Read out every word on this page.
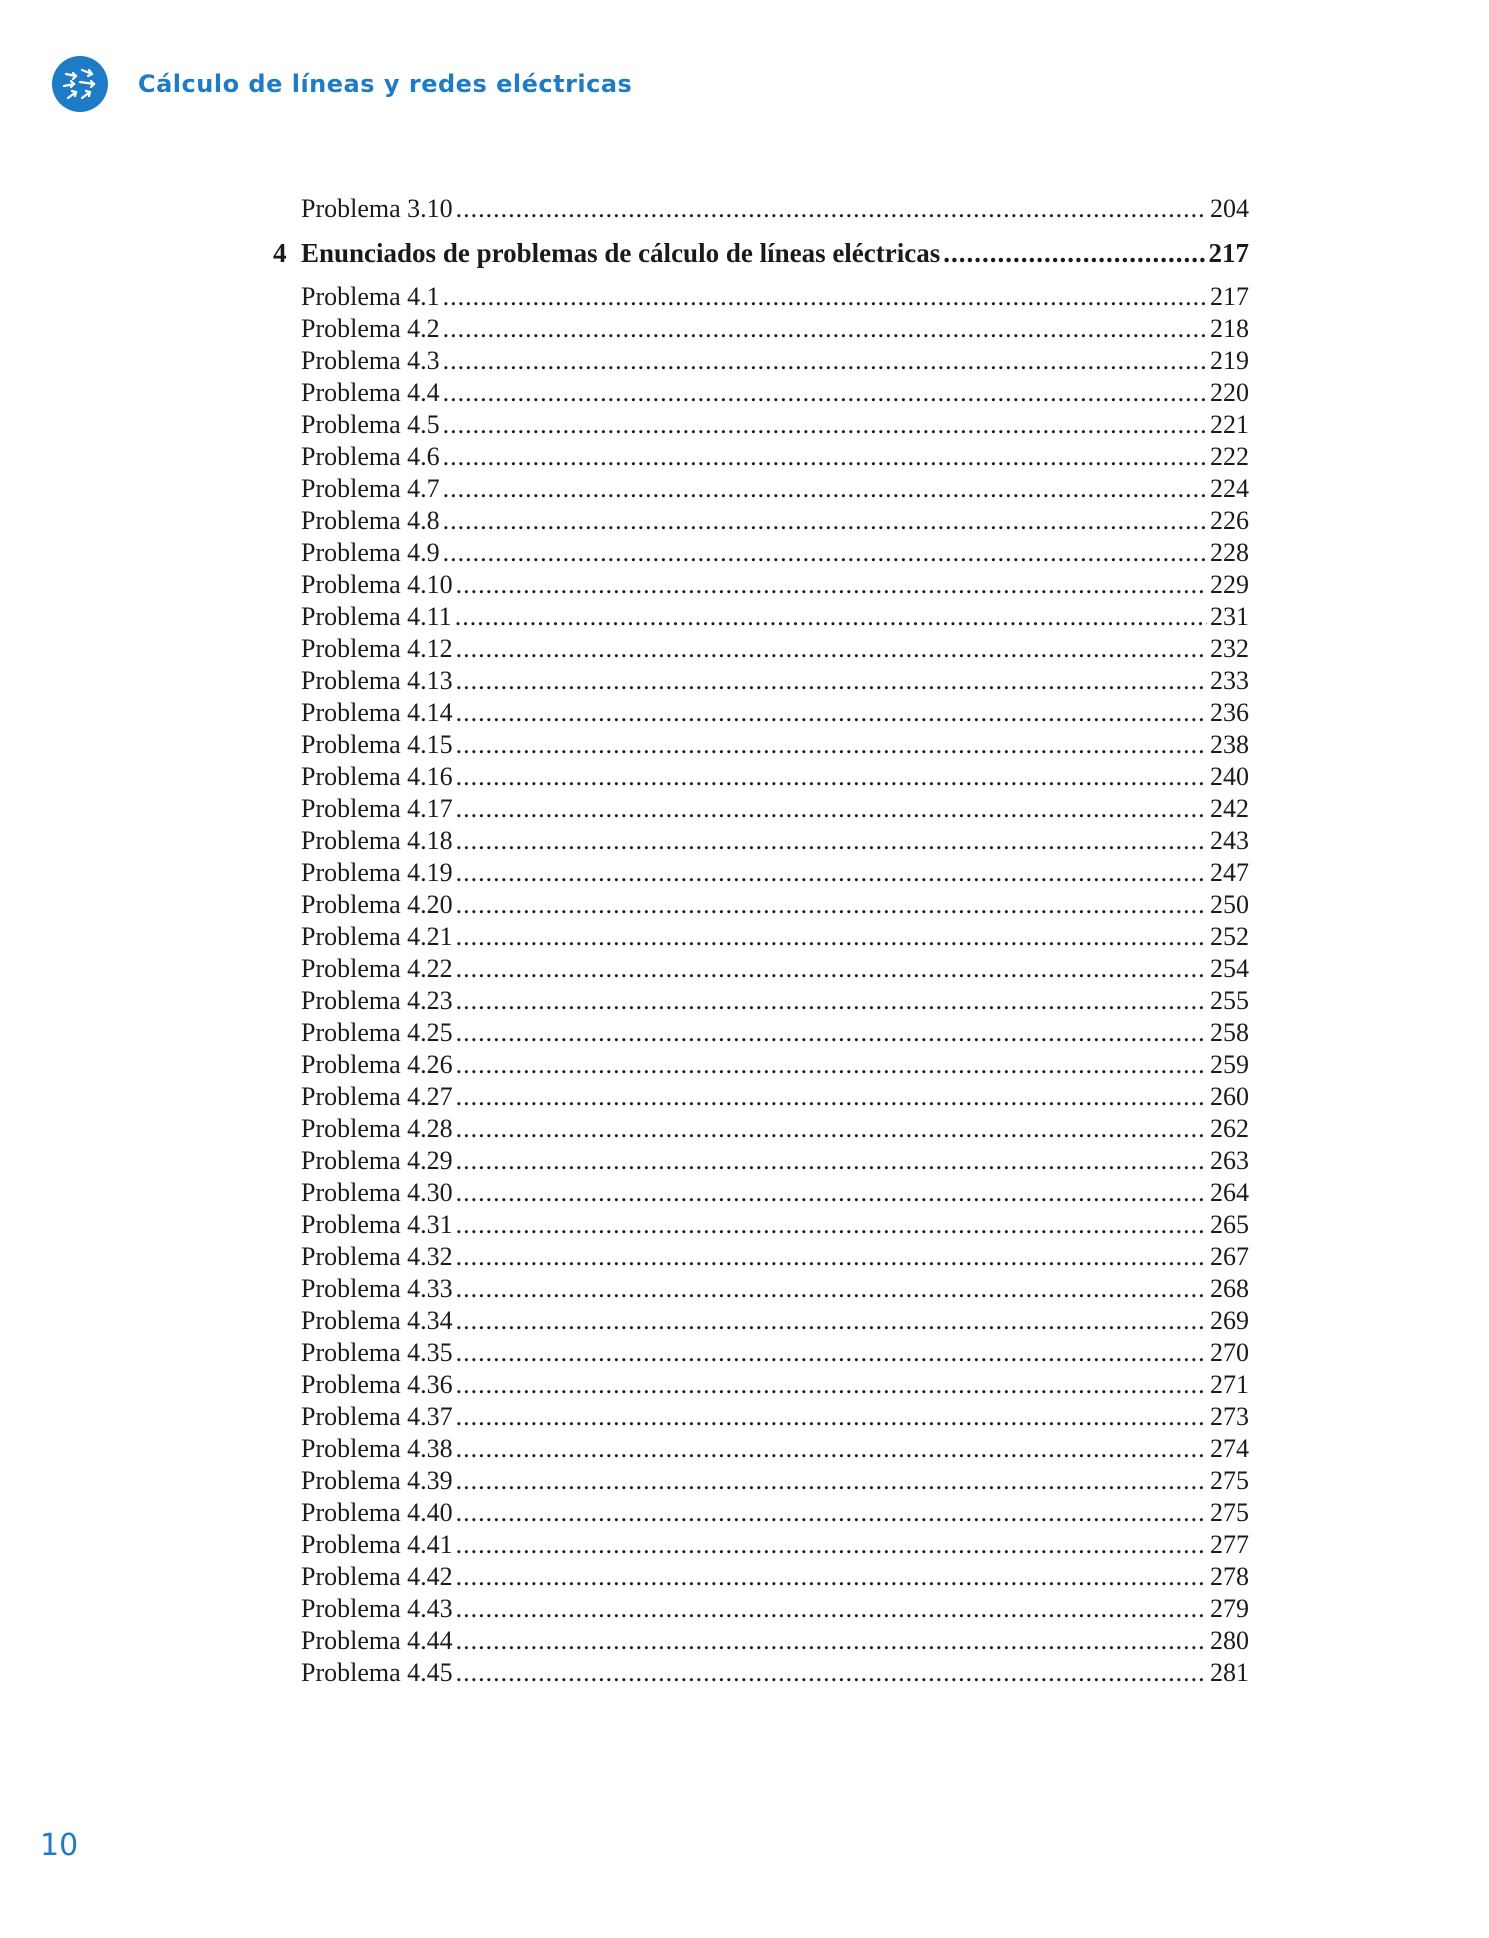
Cálculo de líneas y redes eléctricas
Problema 3.10 .....	204
4 Enunciados de problemas de cálculo de líneas eléctricas .....	217
Problema 4.1 .....	217
Problema 4.2 .....	218
Problema 4.3 .....	219
Problema 4.4 .....	220
Problema 4.5 .....	221
Problema 4.6 .....	222
Problema 4.7 .....	224
Problema 4.8 .....	226
Problema 4.9 .....	228
Problema 4.10 .....	229
Problema 4.11 .....	231
Problema 4.12 .....	232
Problema 4.13 .....	233
Problema 4.14 .....	236
Problema 4.15 .....	238
Problema 4.16 .....	240
Problema 4.17 .....	242
Problema 4.18 .....	243
Problema 4.19 .....	247
Problema 4.20 .....	250
Problema 4.21 .....	252
Problema 4.22 .....	254
Problema 4.23 .....	255
Problema 4.25 .....	258
Problema 4.26 .....	259
Problema 4.27 .....	260
Problema 4.28 .....	262
Problema 4.29 .....	263
Problema 4.30 .....	264
Problema 4.31 .....	265
Problema 4.32 .....	267
Problema 4.33 .....	268
Problema 4.34 .....	269
Problema 4.35 .....	270
Problema 4.36 .....	271
Problema 4.37 .....	273
Problema 4.38 .....	274
Problema 4.39 .....	275
Problema 4.40 .....	275
Problema 4.41 .....	277
Problema 4.42 .....	278
Problema 4.43 .....	279
Problema 4.44 .....	280
Problema 4.45 .....	281
10
